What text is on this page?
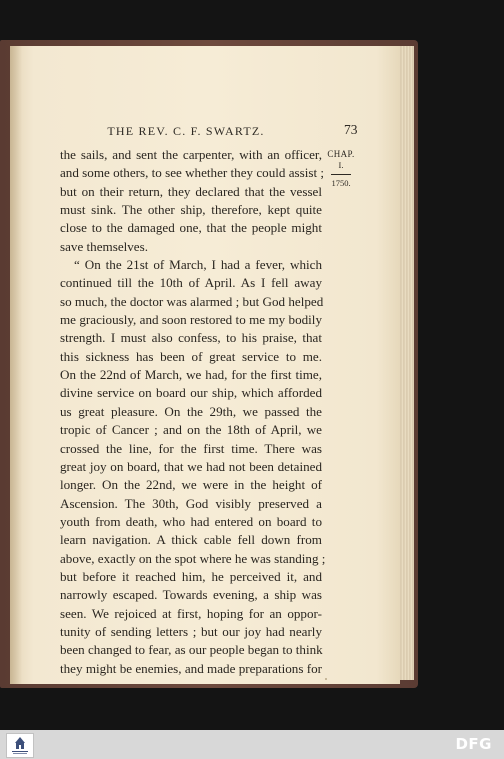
THE REV. C. F. SWARTZ.	73
CHAP.
I.
1750.
the sails, and sent the carpenter, with an officer,
and some others, to see whether they could assist ;
but on their return, they declared that the vessel
must sink. The other ship, therefore, kept quite
close to the damaged one, that the people might
save themselves.
“ On the 21st of March, I had a fever, which
continued till the 10th of April. As I fell away
so much, the doctor was alarmed ; but God helped
me graciously, and soon restored to me my bodily
strength. I must also confess, to his praise, that
this sickness has been of great service to me.
On the 22nd of March, we had, for the first time,
divine service on board our ship, which afforded
us great pleasure. On the 29th, we passed the
tropic of Cancer ; and on the 18th of April, we
crossed the line, for the first time. There was
great joy on board, that we had not been detained
longer. On the 22nd, we were in the height of
Ascension. The 30th, God visibly preserved a
youth from death, who had entered on board to
learn navigation. A thick cable fell down from
above, exactly on the spot where he was standing ;
but before it reached him, he perceived it, and
narrowly escaped. Towards evening, a ship was
seen. We rejoiced at first, hoping for an oppor-
tunity of sending letters ; but our joy had nearly
been changed to fear, as our people began to think
they might be enemies, and made preparations for
DFG
